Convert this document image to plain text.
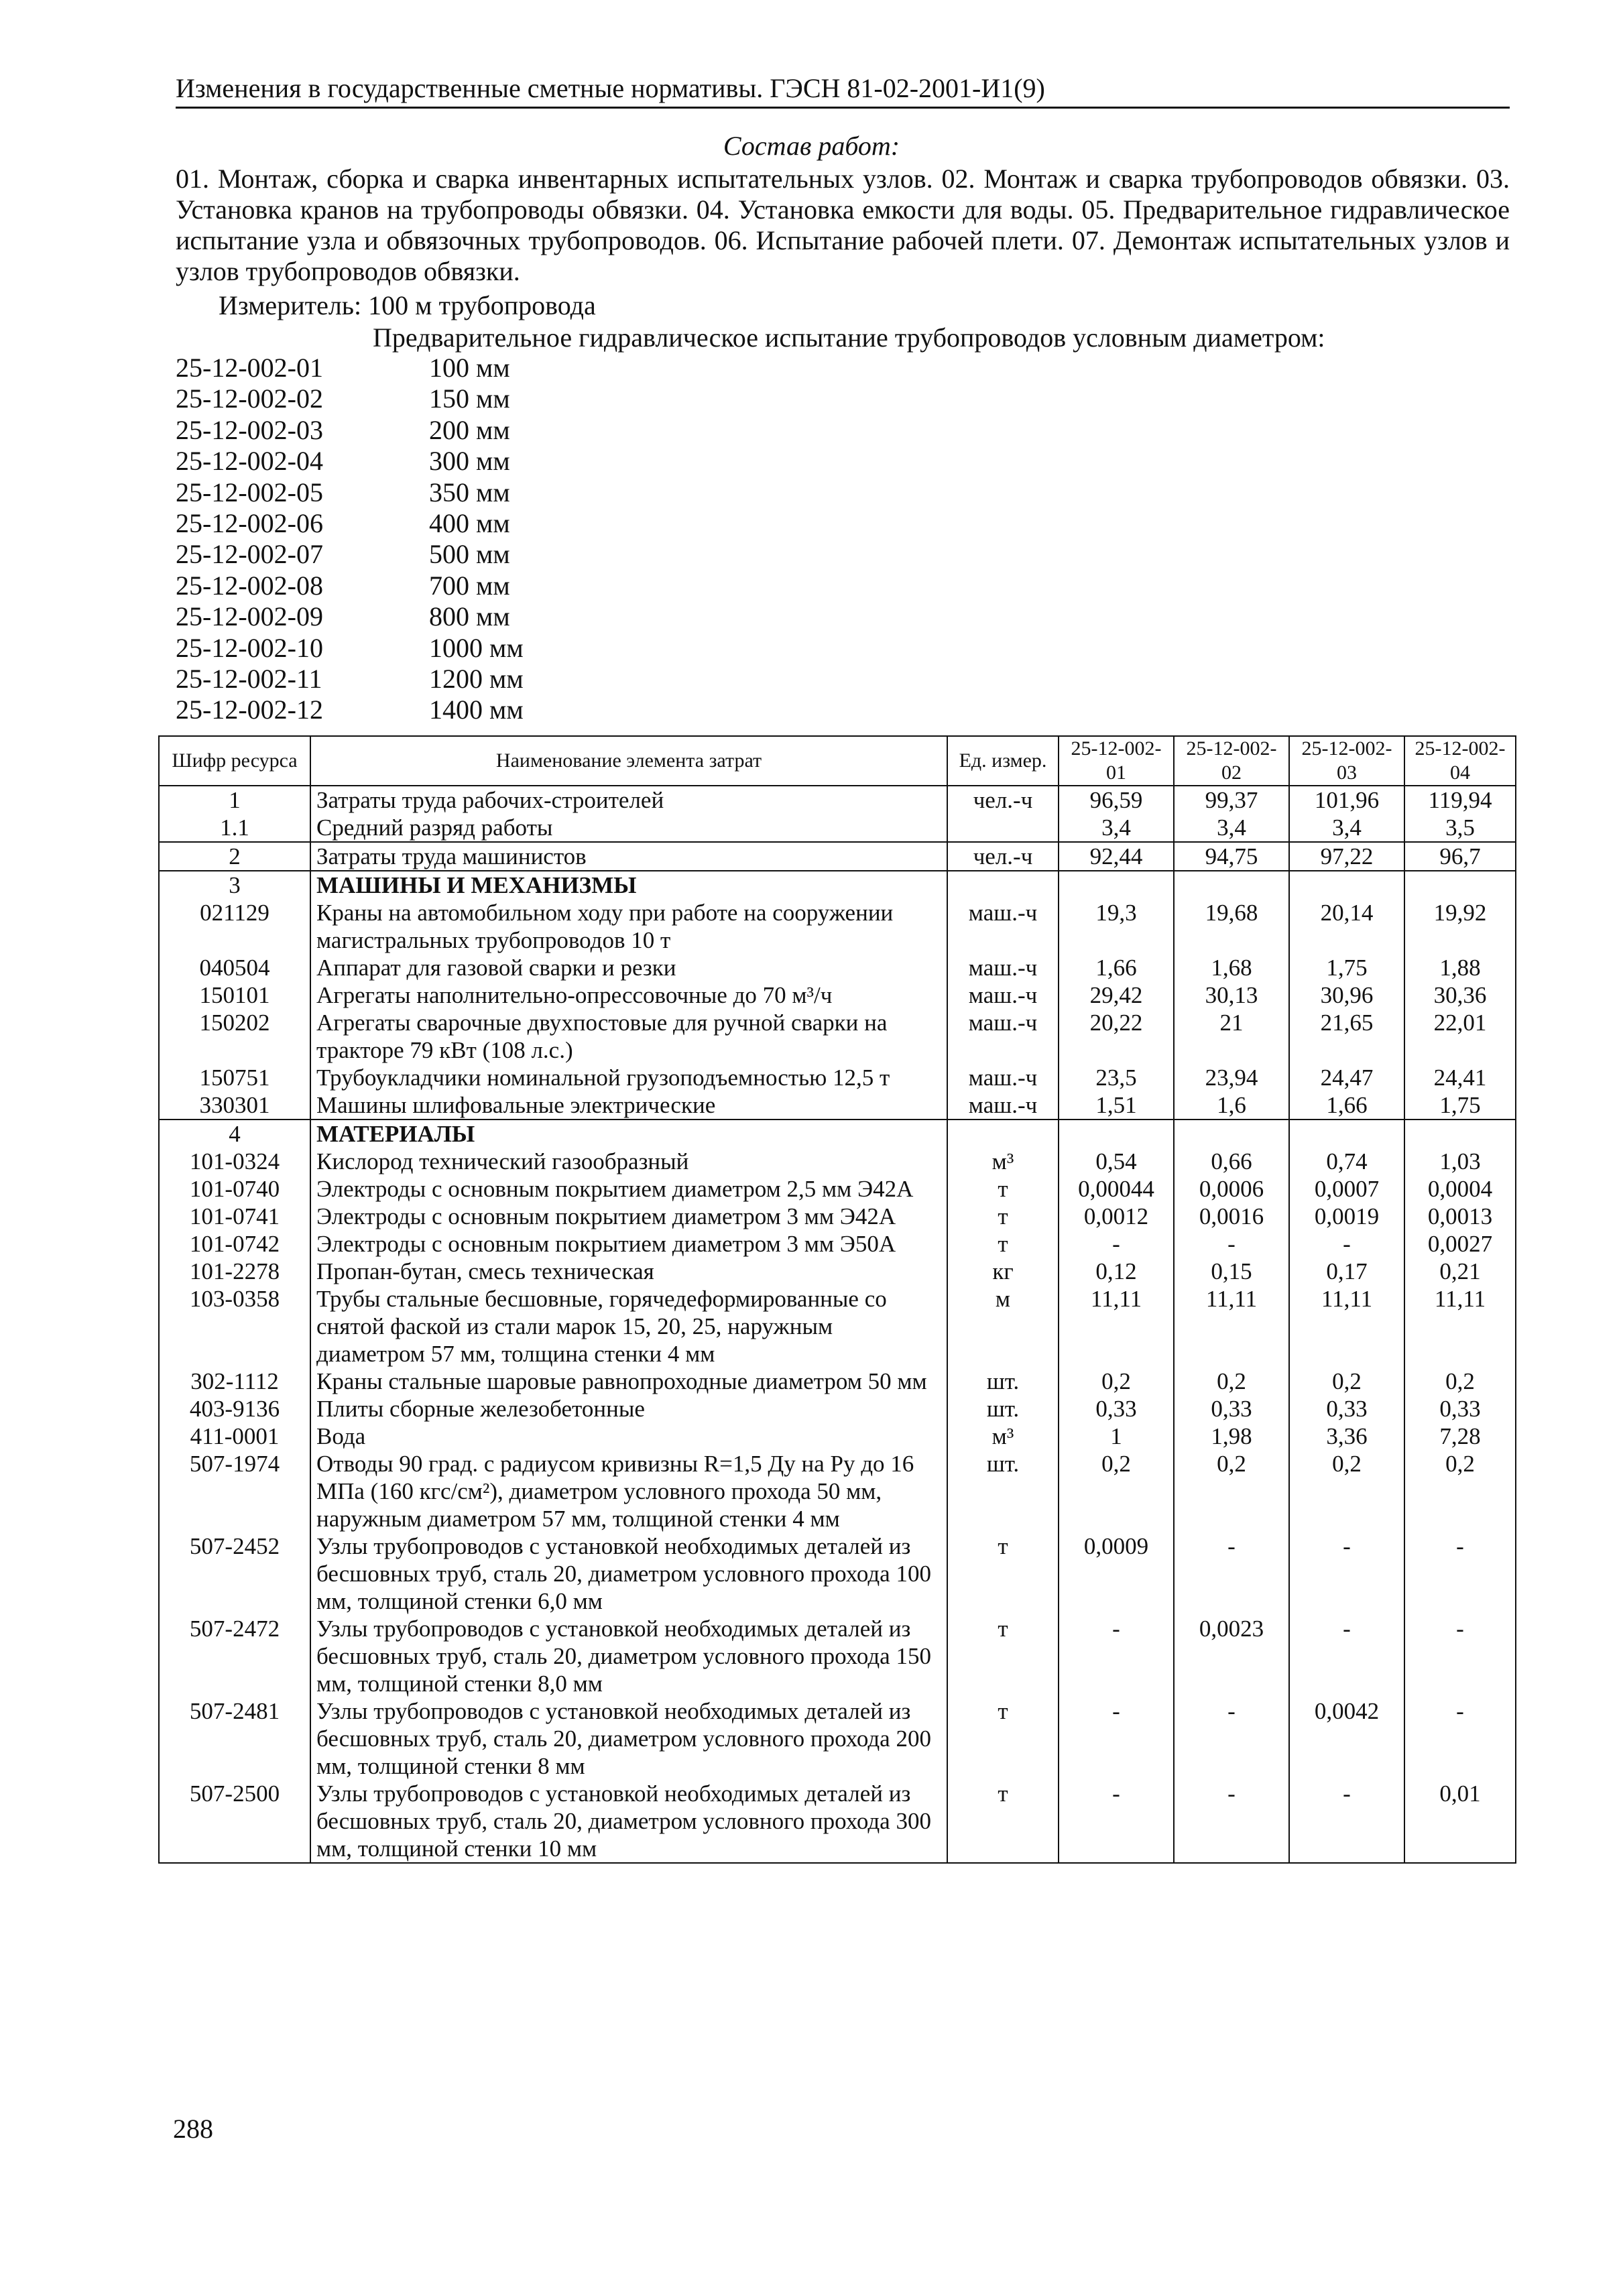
Изменения в государственные сметные нормативы. ГЭСН 81-02-2001-И1(9)
Состав работ:
01. Монтаж, сборка и сварка инвентарных испытательных узлов. 02. Монтаж и сварка трубопроводов обвязки. 03. Установка кранов на трубопроводы обвязки. 04. Установка емкости для воды. 05. Предварительное гидравлическое испытание узла и обвязочных трубопроводов. 06. Испытание рабочей плети. 07. Демонтаж испытательных узлов и узлов трубопроводов обвязки.
Измеритель: 100 м трубопровода
Предварительное гидравлическое испытание трубопроводов условным диаметром:
25-12-002-01	100 мм
25-12-002-02	150 мм
25-12-002-03	200 мм
25-12-002-04	300 мм
25-12-002-05	350 мм
25-12-002-06	400 мм
25-12-002-07	500 мм
25-12-002-08	700 мм
25-12-002-09	800 мм
25-12-002-10	1000 мм
25-12-002-11	1200 мм
25-12-002-12	1400 мм
Шифр ресурса	Наименование элемента затрат	Ед. измер.	25-12-002-01	25-12-002-02	25-12-002-03	25-12-002-04
1	Затраты труда рабочих-строителей	чел.-ч	96,59	99,37	101,96	119,94
1.1	Средний разряд работы		3,4	3,4	3,4	3,5
2	Затраты труда машинистов	чел.-ч	92,44	94,75	97,22	96,7
3	МАШИНЫ И МЕХАНИЗМЫ					
021129	Краны на автомобильном ходу при работе на сооружении магистральных трубопроводов 10 т	маш.-ч	19,3	19,68	20,14	19,92
040504	Аппарат для газовой сварки и резки	маш.-ч	1,66	1,68	1,75	1,88
150101	Агрегаты наполнительно-опрессовочные до 70 м³/ч	маш.-ч	29,42	30,13	30,96	30,36
150202	Агрегаты сварочные двухпостовые для ручной сварки на тракторе 79 кВт (108 л.с.)	маш.-ч	20,22	21	21,65	22,01
150751	Трубоукладчики номинальной грузоподъемностью 12,5 т	маш.-ч	23,5	23,94	24,47	24,41
330301	Машины шлифовальные электрические	маш.-ч	1,51	1,6	1,66	1,75
4	МАТЕРИАЛЫ					
101-0324	Кислород технический газообразный	м³	0,54	0,66	0,74	1,03
101-0740	Электроды с основным покрытием диаметром 2,5 мм Э42А	т	0,00044	0,0006	0,0007	0,0004
101-0741	Электроды с основным покрытием диаметром 3 мм Э42А	т	0,0012	0,0016	0,0019	0,0013
101-0742	Электроды с основным покрытием диаметром 3 мм Э50А	т	-	-	-	0,0027
101-2278	Пропан-бутан, смесь техническая	кг	0,12	0,15	0,17	0,21
103-0358	Трубы стальные бесшовные, горячедеформированные со снятой фаской из стали марок 15, 20, 25, наружным диаметром 57 мм, толщина стенки 4 мм	м	11,11	11,11	11,11	11,11
302-1112	Краны стальные шаровые равнопроходные диаметром 50 мм	шт.	0,2	0,2	0,2	0,2
403-9136	Плиты сборные железобетонные	шт.	0,33	0,33	0,33	0,33
411-0001	Вода	м³	1	1,98	3,36	7,28
507-1974	Отводы 90 град. с радиусом кривизны R=1,5 Ду на Ру до 16 МПа (160 кгс/см²), диаметром условного прохода 50 мм, наружным диаметром 57 мм, толщиной стенки 4 мм	шт.	0,2	0,2	0,2	0,2
507-2452	Узлы трубопроводов с установкой необходимых деталей из бесшовных труб, сталь 20, диаметром условного прохода 100 мм, толщиной стенки 6,0 мм	т	0,0009	-	-	-
507-2472	Узлы трубопроводов с установкой необходимых деталей из бесшовных труб, сталь 20, диаметром условного прохода 150 мм, толщиной стенки 8,0 мм	т	-	0,0023	-	-
507-2481	Узлы трубопроводов с установкой необходимых деталей из бесшовных труб, сталь 20, диаметром условного прохода 200 мм, толщиной стенки 8 мм	т	-	-	0,0042	-
507-2500	Узлы трубопроводов с установкой необходимых деталей из бесшовных труб, сталь 20, диаметром условного прохода 300 мм, толщиной стенки 10 мм	т	-	-	-	0,01
288
